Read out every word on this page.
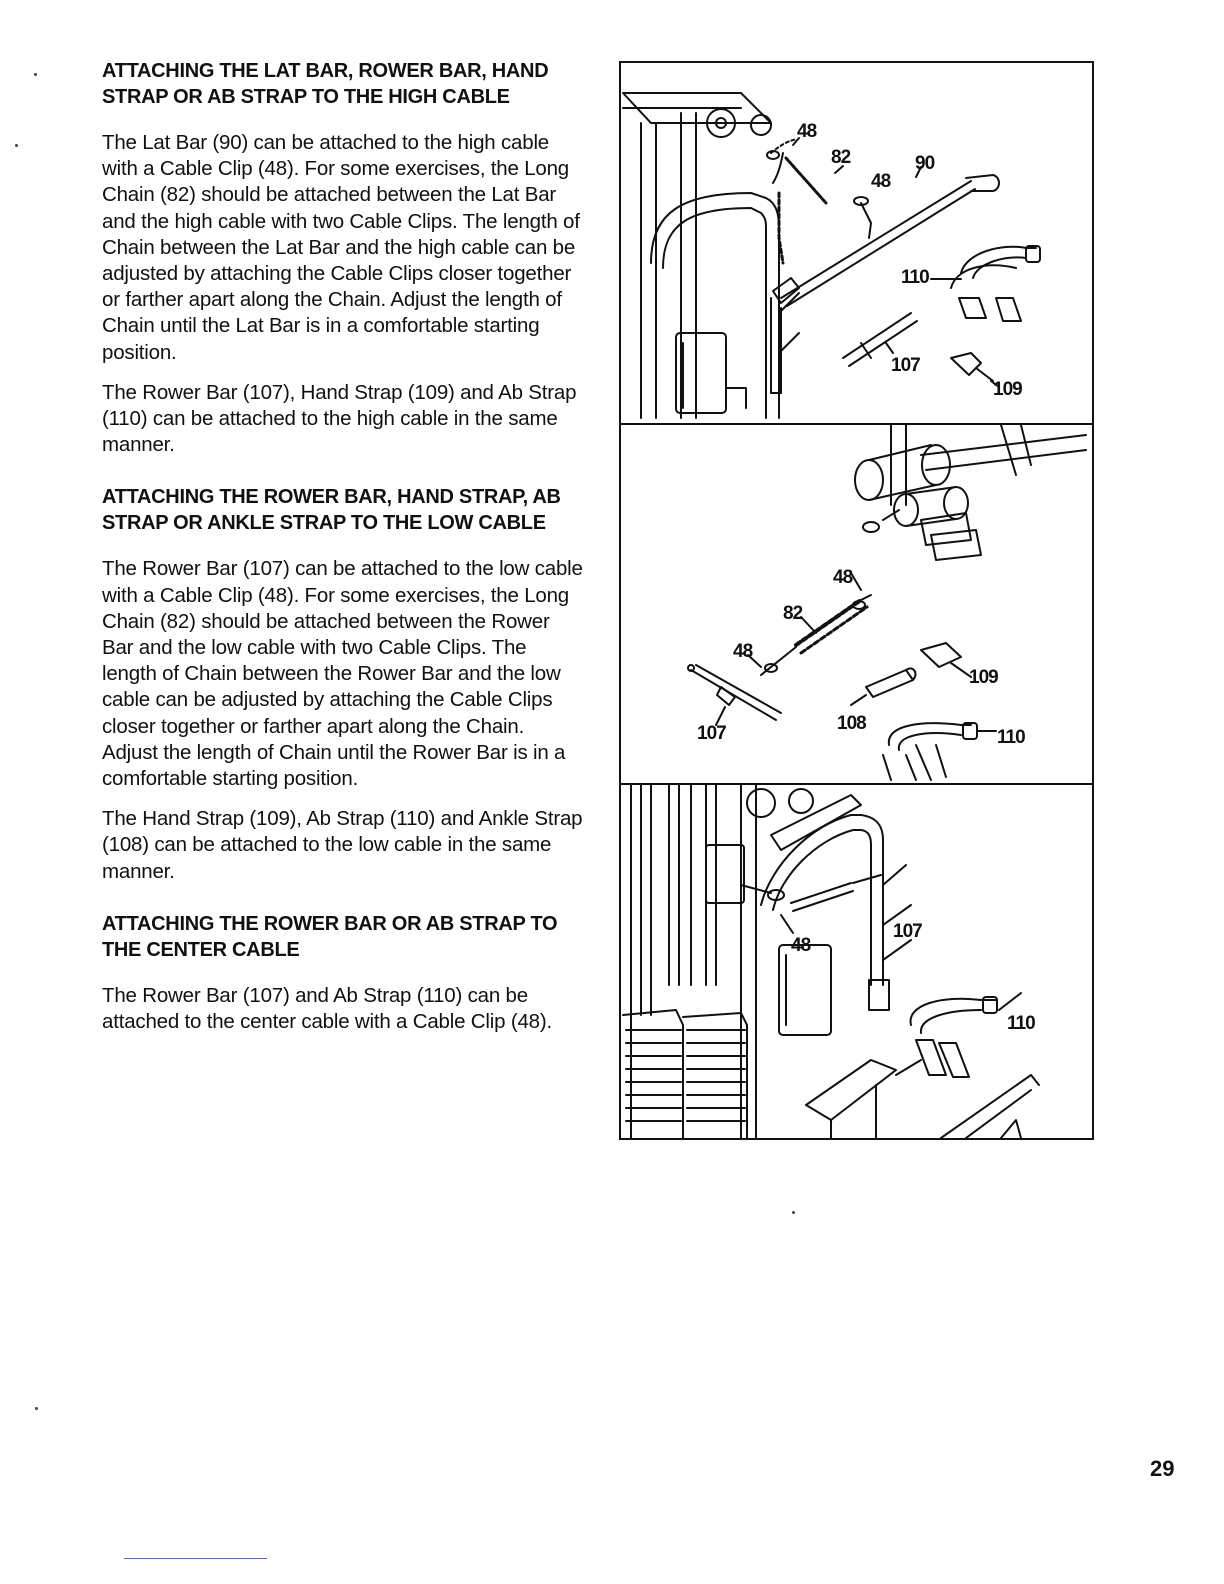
ATTACHING THE LAT BAR, ROWER BAR, HAND STRAP OR AB STRAP TO THE HIGH CABLE

The Lat Bar (90) can be attached to the high cable with a Cable Clip (48). For some exercises, the Long Chain (82) should be attached between the Lat Bar and the high cable with two Cable Clips. The length of Chain between the Lat Bar and the high cable can be adjusted by attaching the Cable Clips closer together or farther apart along the Chain. Adjust the length of Chain until the Lat Bar is in a comfortable starting position.

The Rower Bar (107), Hand Strap (109) and Ab Strap (110) can be attached to the high cable in the same manner.

ATTACHING THE ROWER BAR, HAND STRAP, AB STRAP OR ANKLE STRAP TO THE LOW CABLE

The Rower Bar (107) can be attached to the low cable with a Cable Clip (48). For some exercises, the Long Chain (82) should be attached between the Rower Bar and the low cable with two Cable Clips. The length of Chain between the Rower Bar and the low cable can be adjusted by attaching the Cable Clips closer together or farther apart along the Chain. Adjust the length of Chain until the Rower Bar is in a comfortable starting position.

The Hand Strap (109), Ab Strap (110) and Ankle Strap (108) can be attached to the low cable in the same manner.

ATTACHING THE ROWER BAR OR AB STRAP TO THE CENTER CABLE

The Rower Bar (107) and Ab Strap (110) can be attached to the center cable with a Cable Clip (48).

48
82
48
90
110
107
109
48
82
48
109
108
107	110
48
107
110
29
